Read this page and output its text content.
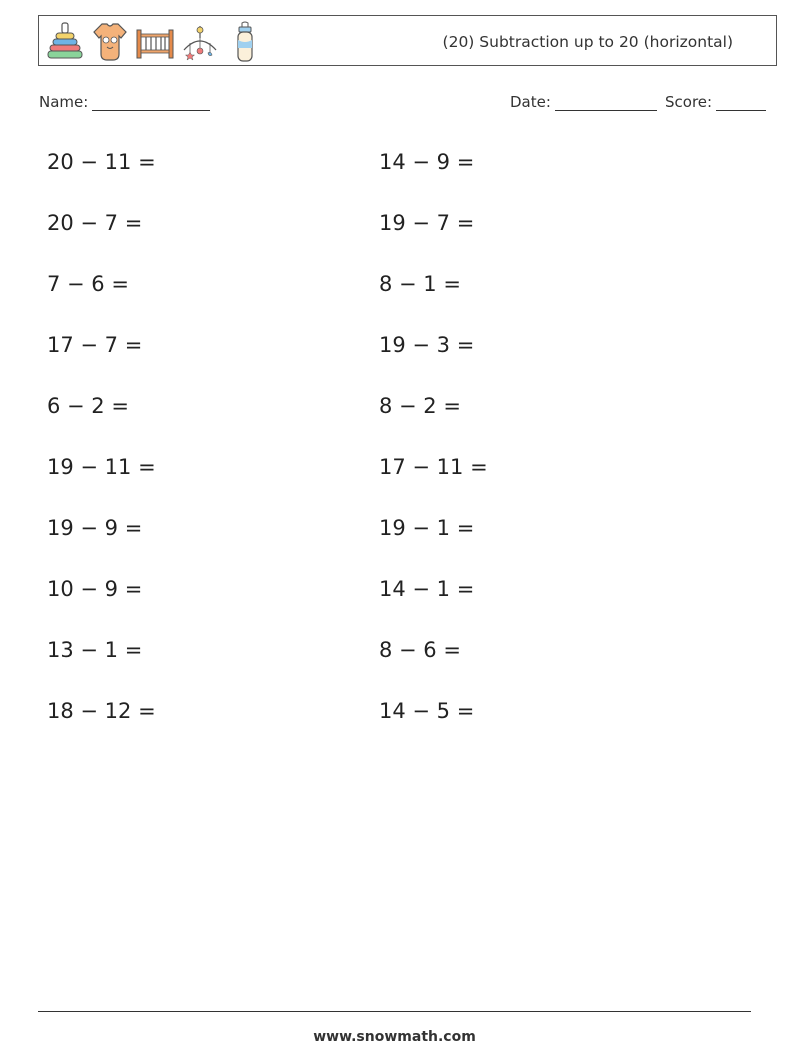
(20) Subtraction up to 20 (horizontal)
Name:	Date:	Score:
20 − 11 =
20 − 7 =
7 − 6 =
17 − 7 =
6 − 2 =
19 − 11 =
19 − 9 =
10 − 9 =
13 − 1 =
18 − 12 =
14 − 9 =
19 − 7 =
8 − 1 =
19 − 3 =
8 − 2 =
17 − 11 =
19 − 1 =
14 − 1 =
8 − 6 =
14 − 5 =
www.snowmath.com
